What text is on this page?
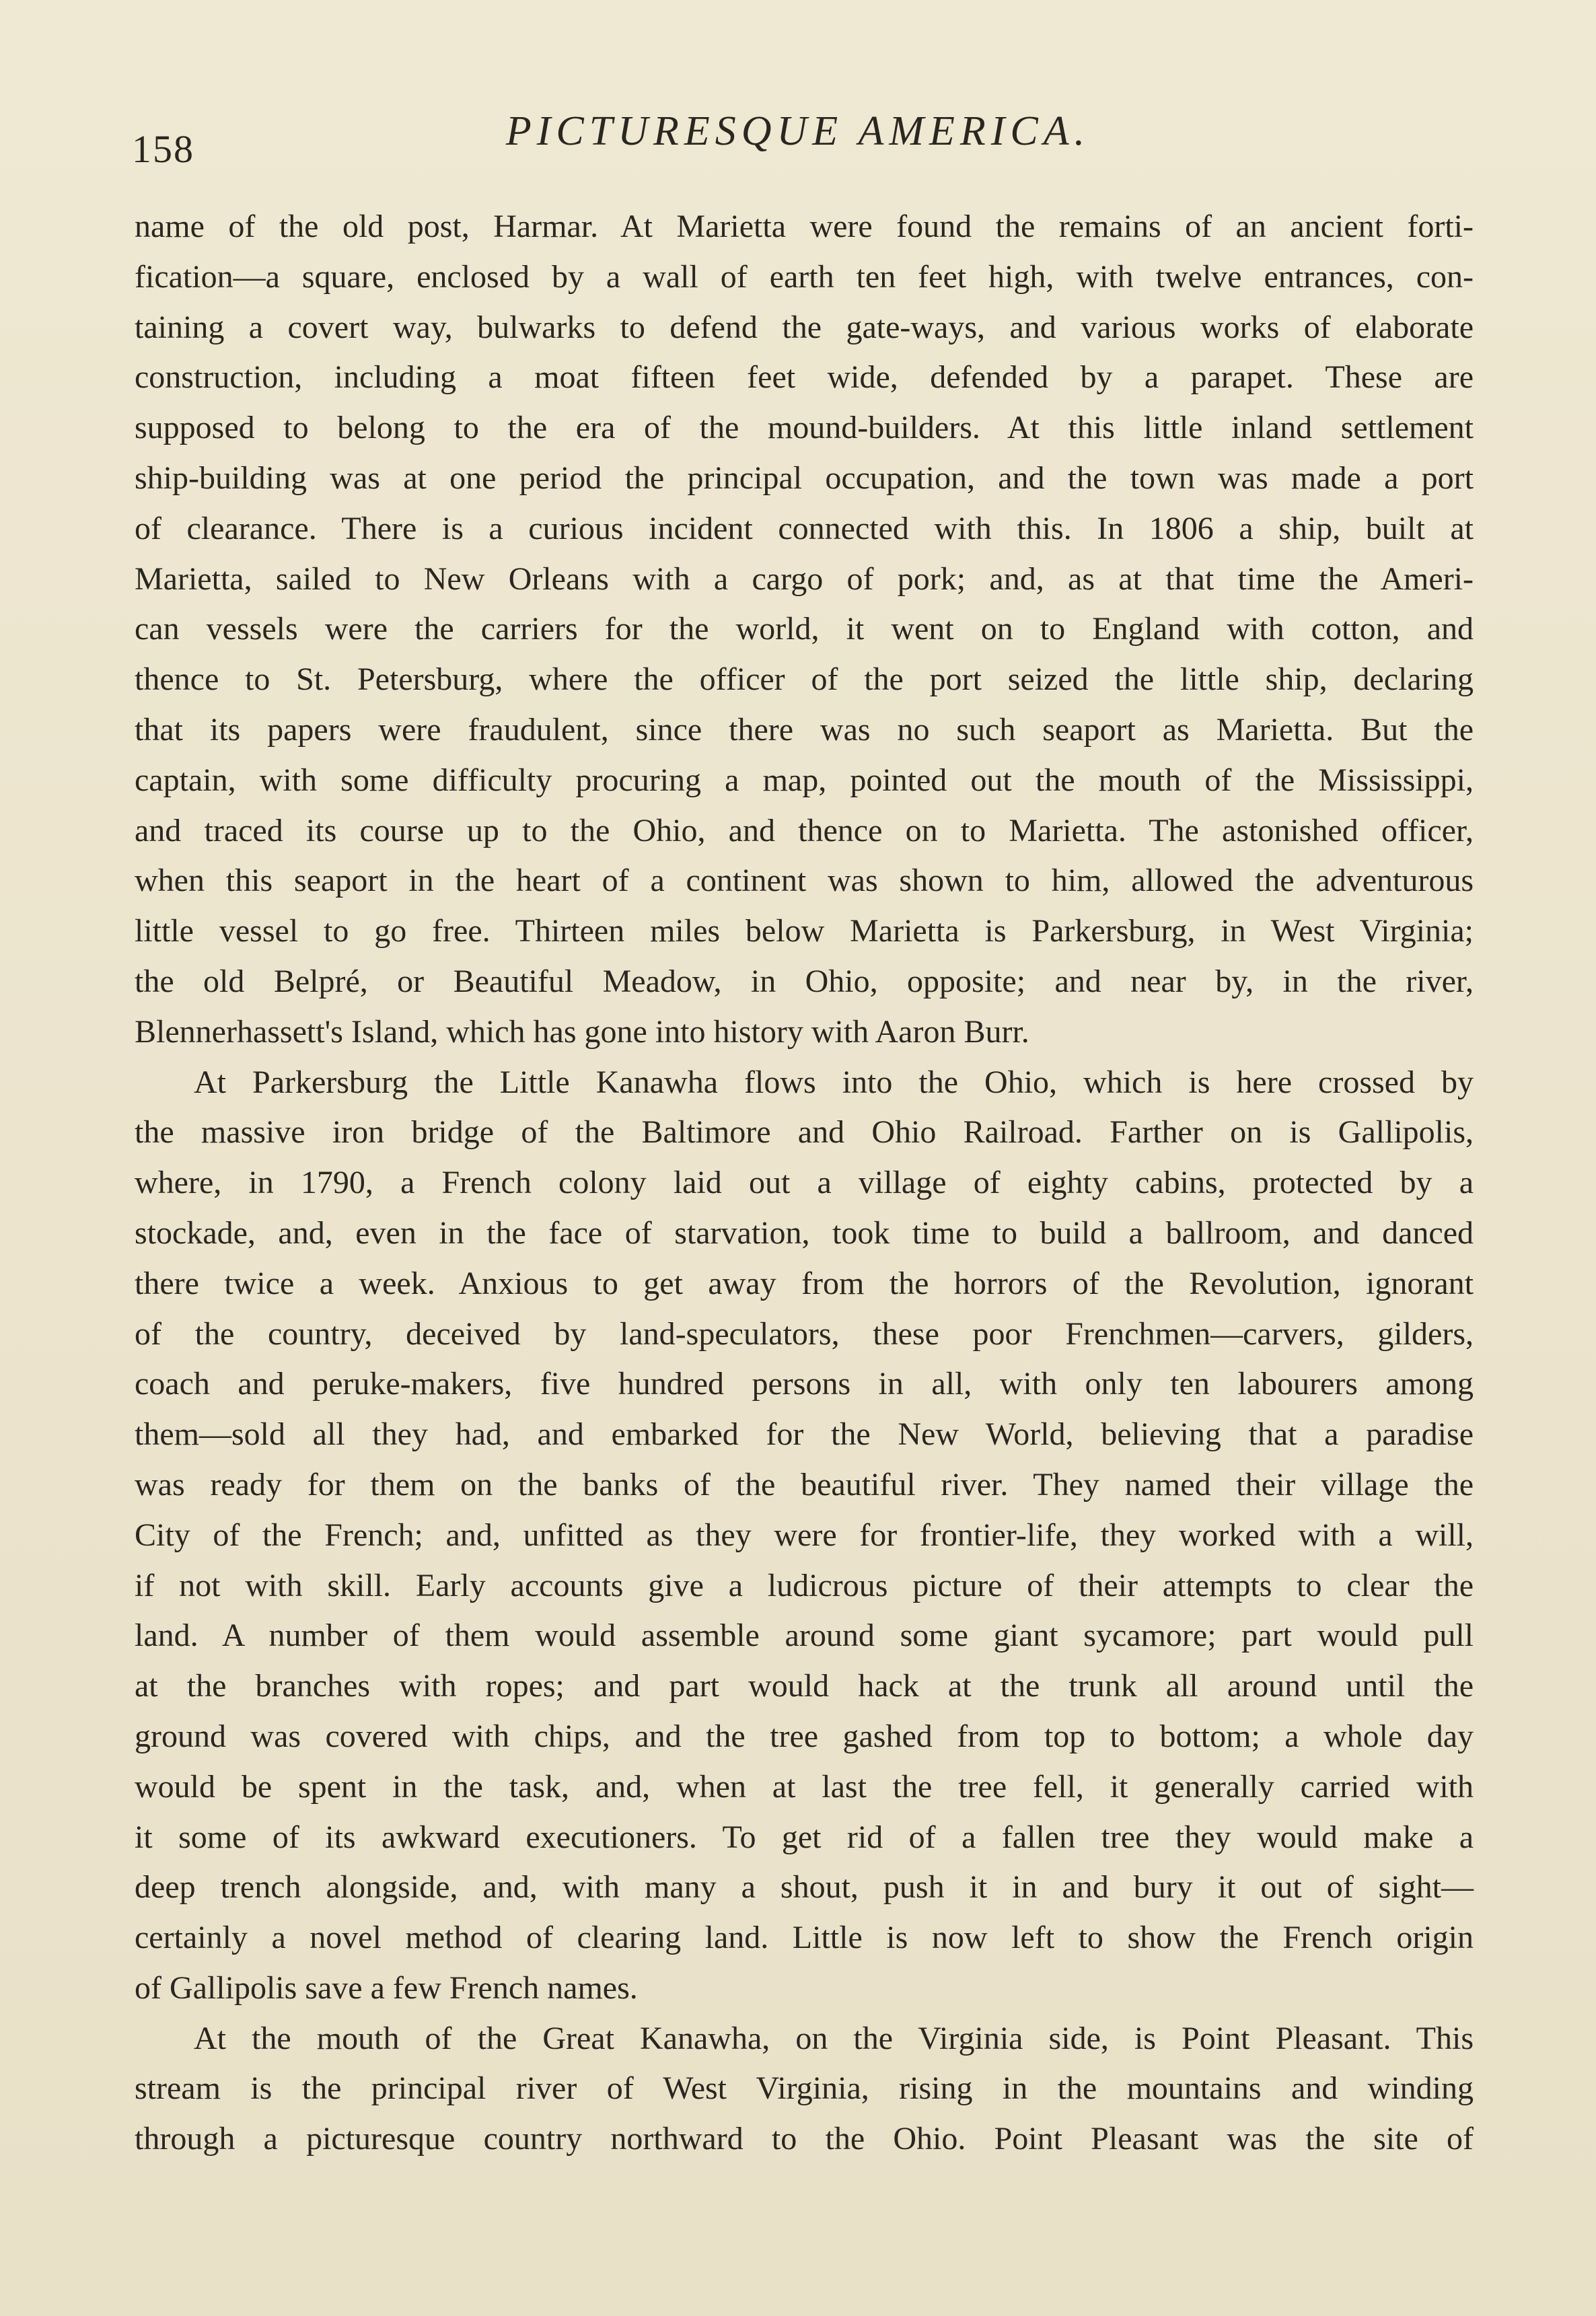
158	PICTURESQUE AMERICA.
name of the old post, Harmar. At Marietta were found the remains of an ancient forti-
fication—a square, enclosed by a wall of earth ten feet high, with twelve entrances, con-
taining a covert way, bulwarks to defend the gate-ways, and various works of elaborate
construction, including a moat fifteen feet wide, defended by a parapet. These are
supposed to belong to the era of the mound-builders. At this little inland settlement
ship-building was at one period the principal occupation, and the town was made a port
of clearance. There is a curious incident connected with this. In 1806 a ship, built at
Marietta, sailed to New Orleans with a cargo of pork; and, as at that time the Ameri-
can vessels were the carriers for the world, it went on to England with cotton, and
thence to St. Petersburg, where the officer of the port seized the little ship, declaring
that its papers were fraudulent, since there was no such seaport as Marietta. But the
captain, with some difficulty procuring a map, pointed out the mouth of the Mississippi,
and traced its course up to the Ohio, and thence on to Marietta. The astonished officer,
when this seaport in the heart of a continent was shown to him, allowed the adventurous
little vessel to go free. Thirteen miles below Marietta is Parkersburg, in West Virginia;
the old Belpré, or Beautiful Meadow, in Ohio, opposite; and near by, in the river,
Blennerhassett's Island, which has gone into history with Aaron Burr.
At Parkersburg the Little Kanawha flows into the Ohio, which is here crossed by
the massive iron bridge of the Baltimore and Ohio Railroad. Farther on is Gallipolis,
where, in 1790, a French colony laid out a village of eighty cabins, protected by a
stockade, and, even in the face of starvation, took time to build a ballroom, and danced
there twice a week. Anxious to get away from the horrors of the Revolution, ignorant
of the country, deceived by land-speculators, these poor Frenchmen—carvers, gilders,
coach and peruke-makers, five hundred persons in all, with only ten labourers among
them—sold all they had, and embarked for the New World, believing that a paradise
was ready for them on the banks of the beautiful river. They named their village the
City of the French; and, unfitted as they were for frontier-life, they worked with a will,
if not with skill. Early accounts give a ludicrous picture of their attempts to clear the
land. A number of them would assemble around some giant sycamore; part would pull
at the branches with ropes; and part would hack at the trunk all around until the
ground was covered with chips, and the tree gashed from top to bottom; a whole day
would be spent in the task, and, when at last the tree fell, it generally carried with
it some of its awkward executioners. To get rid of a fallen tree they would make a
deep trench alongside, and, with many a shout, push it in and bury it out of sight—
certainly a novel method of clearing land. Little is now left to show the French origin
of Gallipolis save a few French names.
At the mouth of the Great Kanawha, on the Virginia side, is Point Pleasant. This
stream is the principal river of West Virginia, rising in the mountains and winding
through a picturesque country northward to the Ohio. Point Pleasant was the site of
